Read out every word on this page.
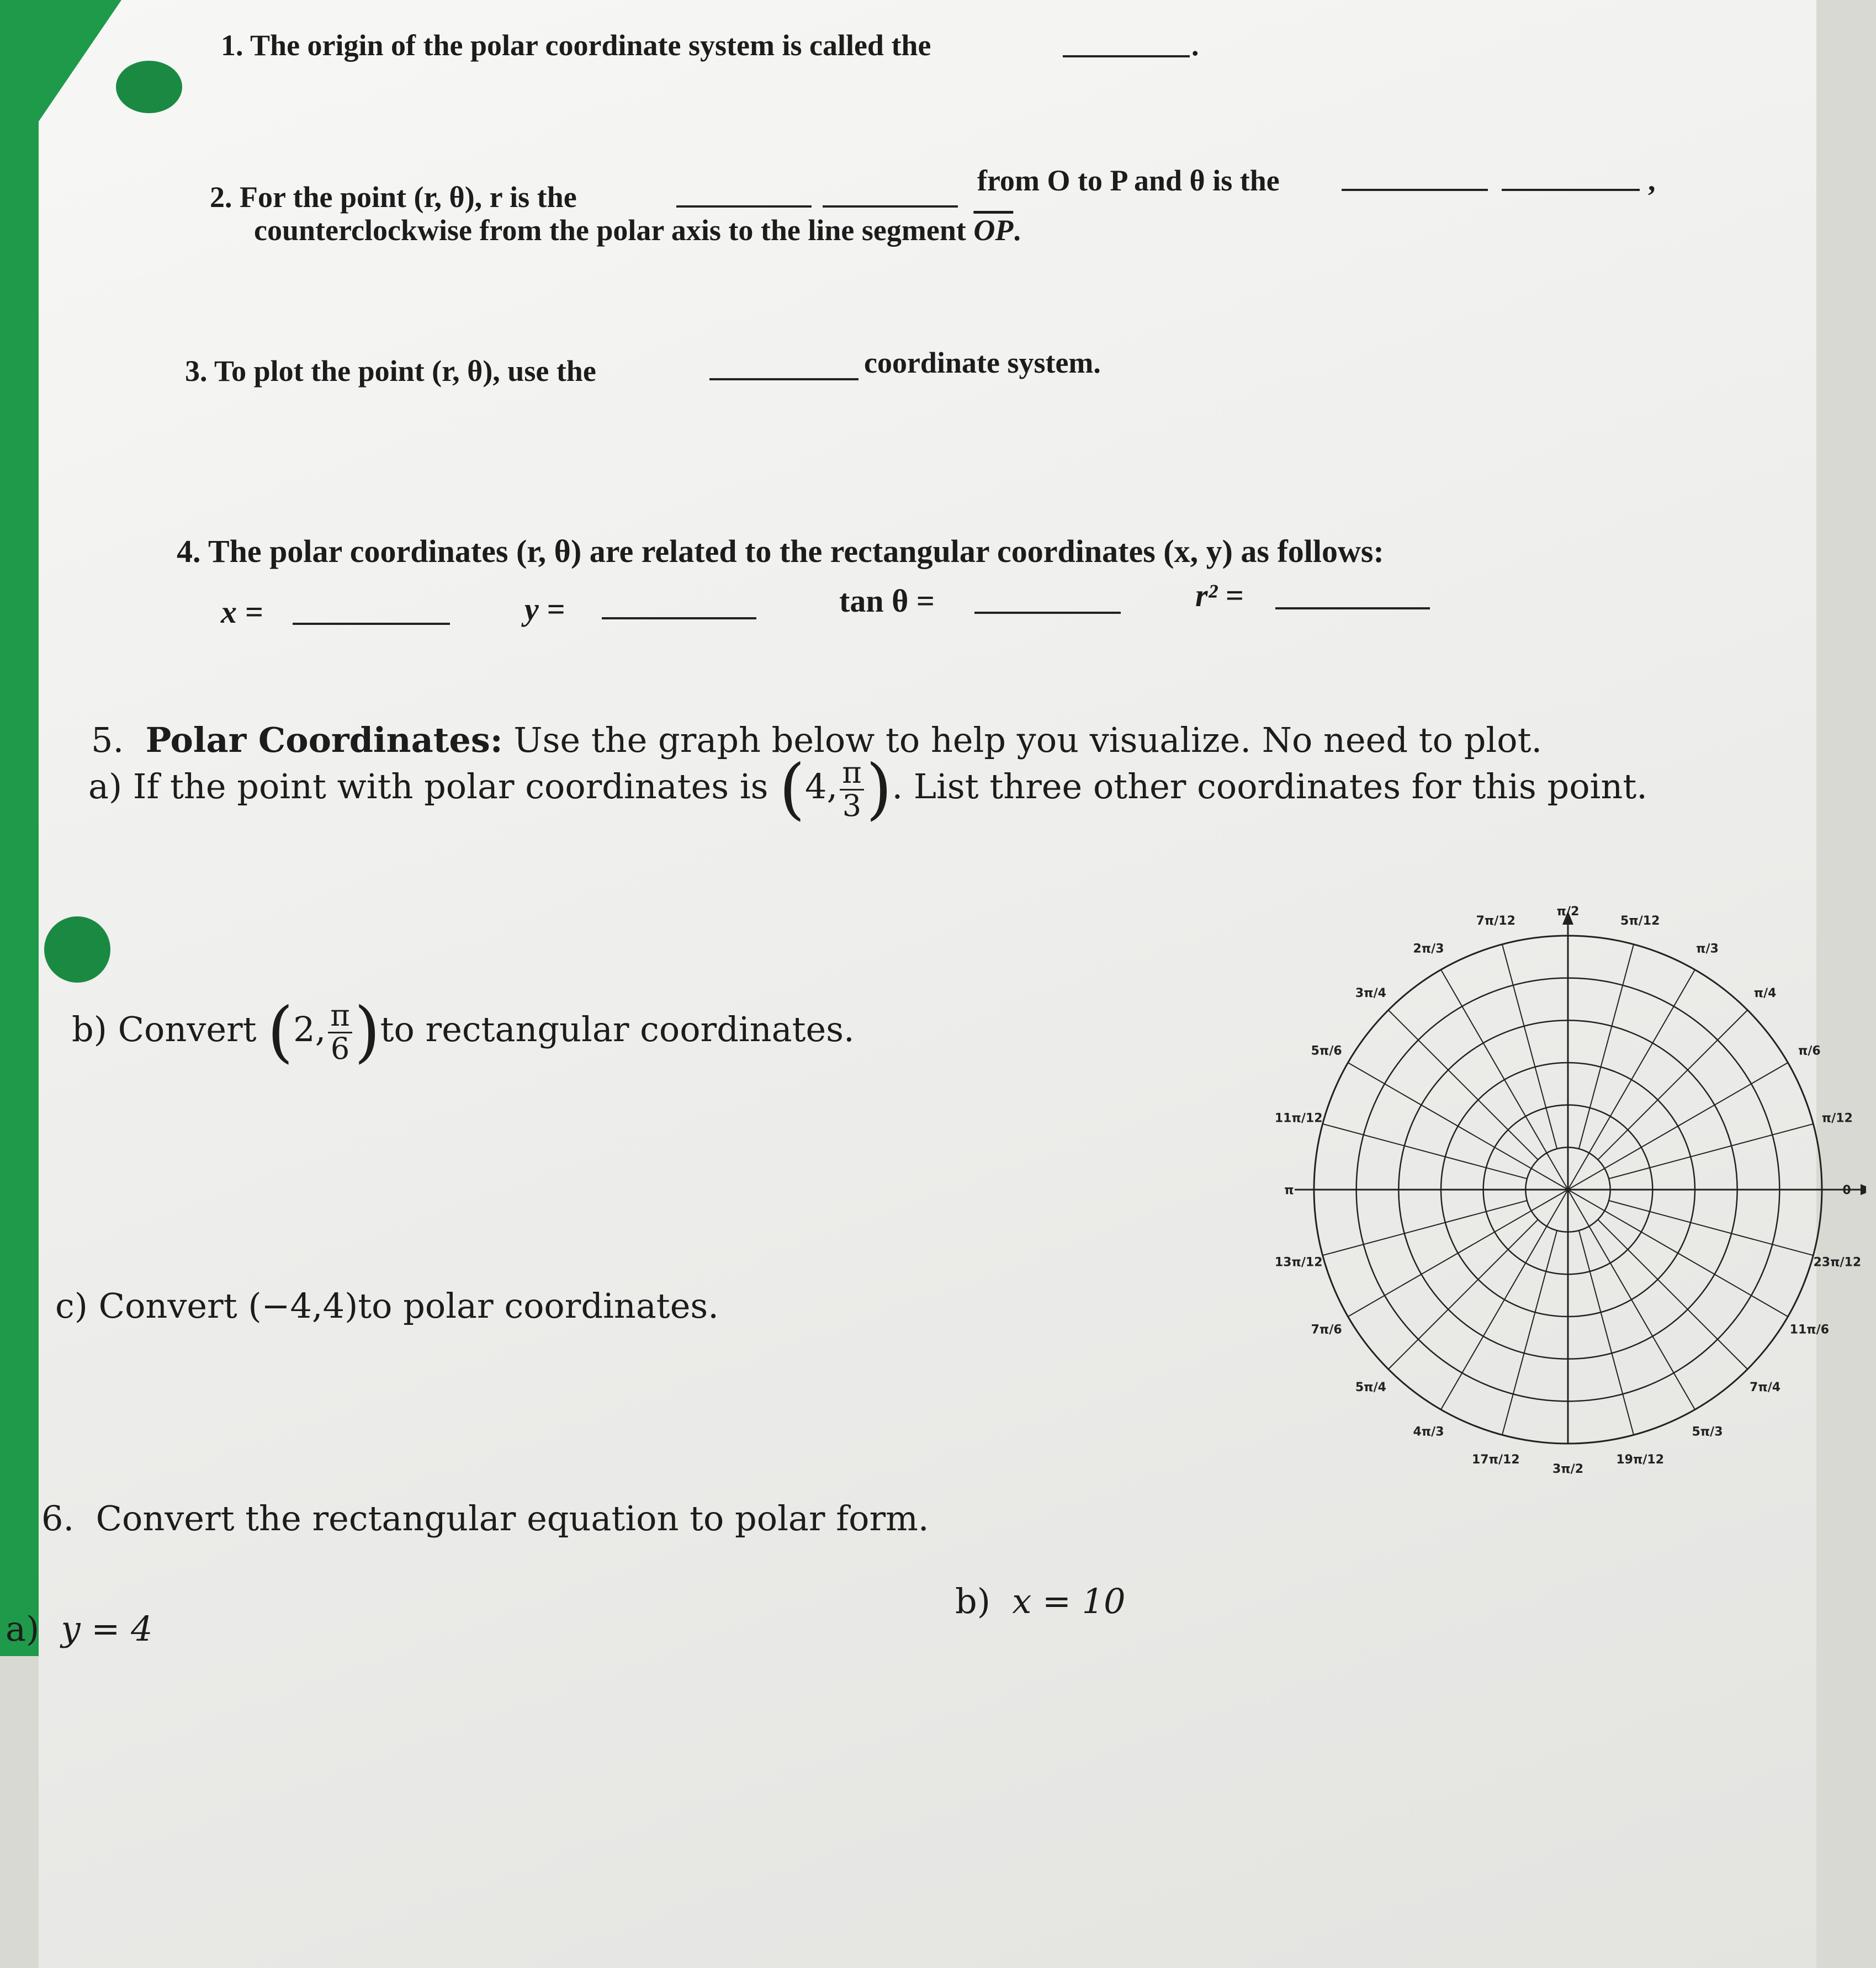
1. The origin of the polar coordinate system is called the	.
2. For the point (r, θ), r is the	from O to P and θ is the	,
counterclockwise from the polar axis to the line segment $\overline{OP}$.
3. To plot the point (r, θ), use the	coordinate system.
4. The polar coordinates (r, θ) are related to the rectangular coordinates (x, y) as follows:
x =	y =	tan θ =	r² =
5. Polar Coordinates: Use the graph below to help you visualize. No need to plot.
a) If the point with polar coordinates is (4, $\frac{\pi}{3}$ ). List three other coordinates for this point.
b) Convert (2, $\frac{\pi}{6} )to$ rectangular coordinates.
c) Convert (−4,4)to polar coordinates.
6. Convert the rectangular equation to polar form.
a) y = 4
b) x = 10
0
π/12
π/6
π/4
π/3
5π/12
π/2
7π/12
2π/3
3π/4
5π/6
11π/12
π
13π/12
7π/6
5π/4
4π/3
17π/12
3π/2
19π/12
5π/3
7π/4
11π/6
23π/12
